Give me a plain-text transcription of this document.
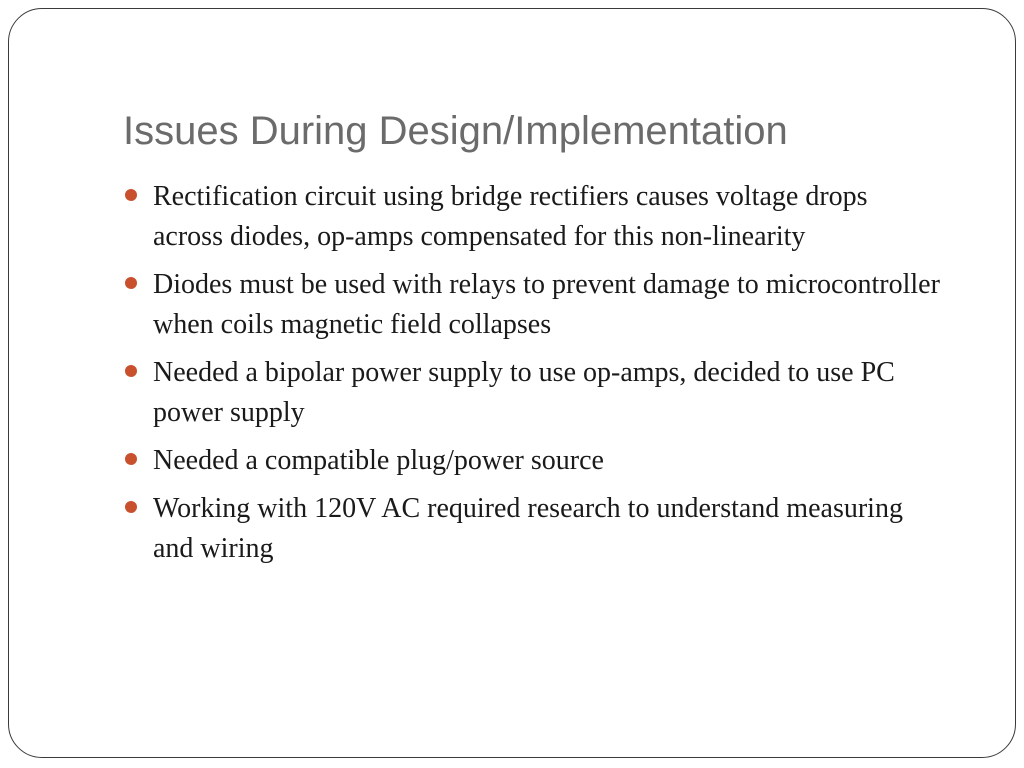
Issues During Design/Implementation
Rectification circuit using bridge rectifiers causes voltage drops across diodes, op-amps compensated for this non-linearity
Diodes must be used with relays to prevent damage to microcontroller when coils magnetic field collapses
Needed a bipolar power supply to use op-amps, decided to use PC power supply
Needed a compatible plug/power source
Working with 120V AC required research to understand measuring and wiring
